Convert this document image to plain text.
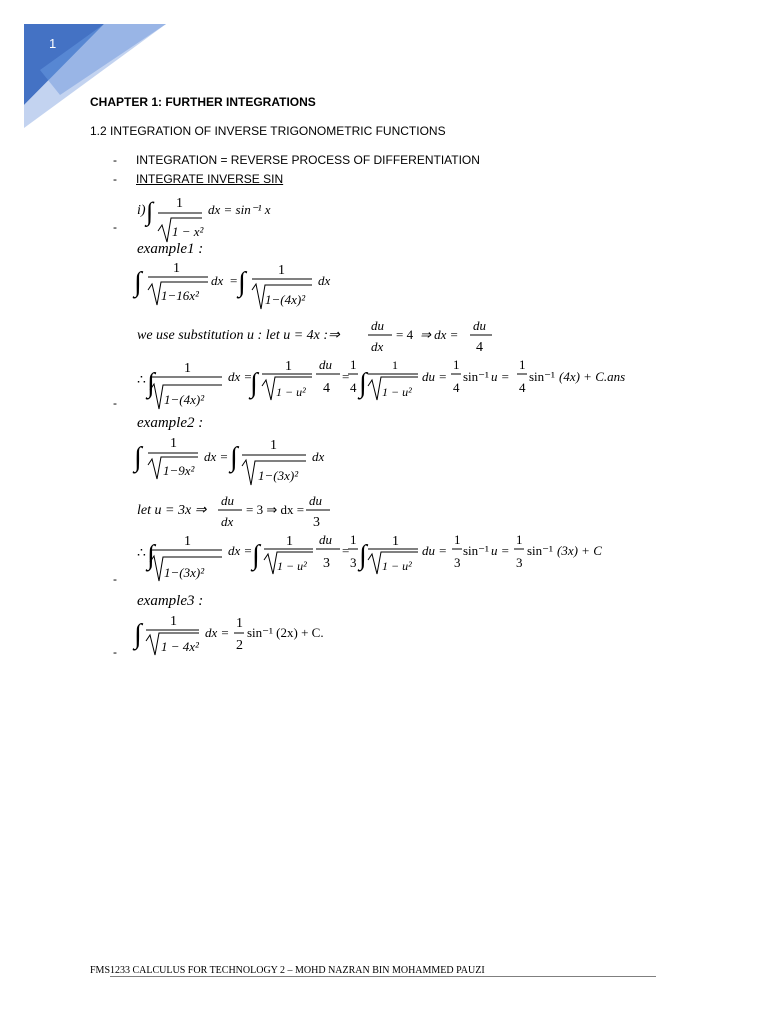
1
CHAPTER 1: FURTHER INTEGRATIONS
1.2 INTEGRATION OF INVERSE TRIGONOMETRIC FUNCTIONS
- INTEGRATION = REVERSE PROCESS OF DIFFERENTIATION
- INTEGRATE INVERSE SIN
-
-
-
-
i) ∫ 1
1 − x²
dx = sin⁻¹ x
example1 :
∫ 1
1−16x²
dx = ∫ 1
1−(4x)²
dx
we use substitution u : let u = 4x :⇒
du
dx
= 4 ⇒ dx =
du
4
∴ ∫ 1
1−(4x)²
dx =
∫
1
1 − u²
du
4
=
1
4 ∫
1
1 − u²
du =
1
4
sin⁻¹ u =
1
4
sin⁻¹ (4x) + C.ans
example2 :
∫ 1
1−9x²
dx = ∫ 1
1−(3x)²
dx
let u = 3x ⇒
du
dx
= 3 ⇒ dx =
du
3
∴ ∫ 1
1−(3x)²
dx = ∫ 1
1 − u²
du
3
=
1
3 ∫ 1
1 − u²
du =
1
3
sin⁻¹ u =
1
3
sin⁻¹ (3x) + C
example3 :
∫ 1
1 − 4x²
dx =
1
2
sin⁻¹ (2x) + C.
FMS1233 CALCULUS FOR TECHNOLOGY 2 – MOHD NAZRAN BIN MOHAMMED PAUZI
